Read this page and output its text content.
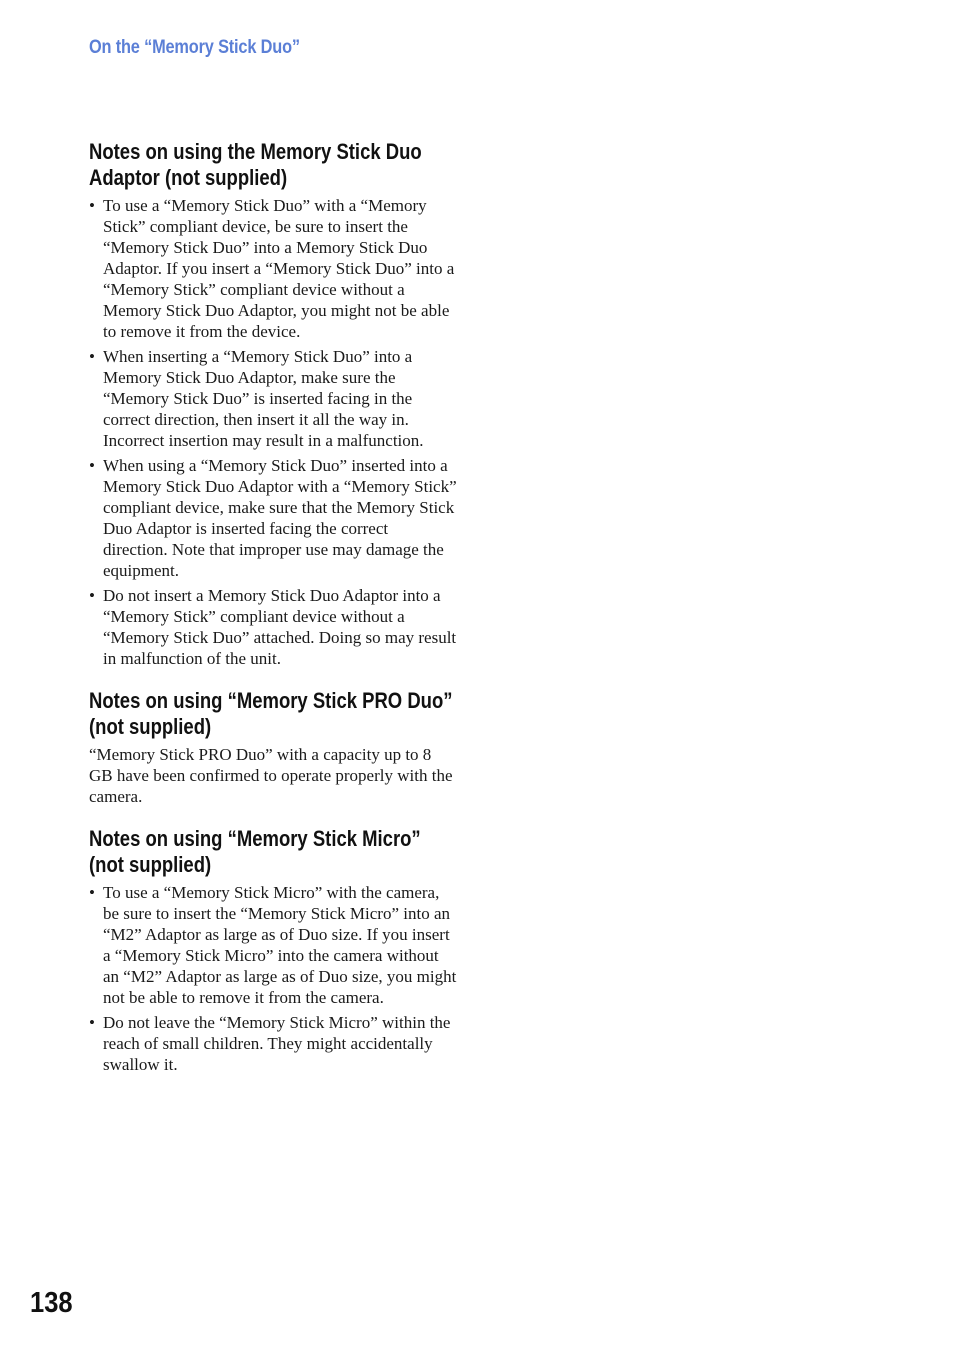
On the “Memory Stick Duo”
Notes on using the Memory Stick Duo Adaptor (not supplied)
• To use a “Memory Stick Duo” with a “Memory Stick” compliant device, be sure to insert the “Memory Stick Duo” into a Memory Stick Duo Adaptor. If you insert a “Memory Stick Duo” into a “Memory Stick” compliant device without a Memory Stick Duo Adaptor, you might not be able to remove it from the device.
• When inserting a “Memory Stick Duo” into a Memory Stick Duo Adaptor, make sure the “Memory Stick Duo” is inserted facing in the correct direction, then insert it all the way in. Incorrect insertion may result in a malfunction.
• When using a “Memory Stick Duo” inserted into a Memory Stick Duo Adaptor with a “Memory Stick” compliant device, make sure that the Memory Stick Duo Adaptor is inserted facing the correct direction. Note that improper use may damage the equipment.
• Do not insert a Memory Stick Duo Adaptor into a “Memory Stick” compliant device without a “Memory Stick Duo” attached. Doing so may result in malfunction of the unit.
Notes on using “Memory Stick PRO Duo” (not supplied)

“Memory Stick PRO Duo” with a capacity up to 8 GB have been confirmed to operate properly with the camera.

Notes on using “Memory Stick Micro” (not supplied)
• To use a “Memory Stick Micro” with the camera, be sure to insert the “Memory Stick Micro” into an “M2” Adaptor as large as of Duo size. If you insert a “Memory Stick Micro” into the camera without an “M2” Adaptor as large as of Duo size, you might not be able to remove it from the camera.
• Do not leave the “Memory Stick Micro” within the reach of small children. They might accidentally swallow it.
138
